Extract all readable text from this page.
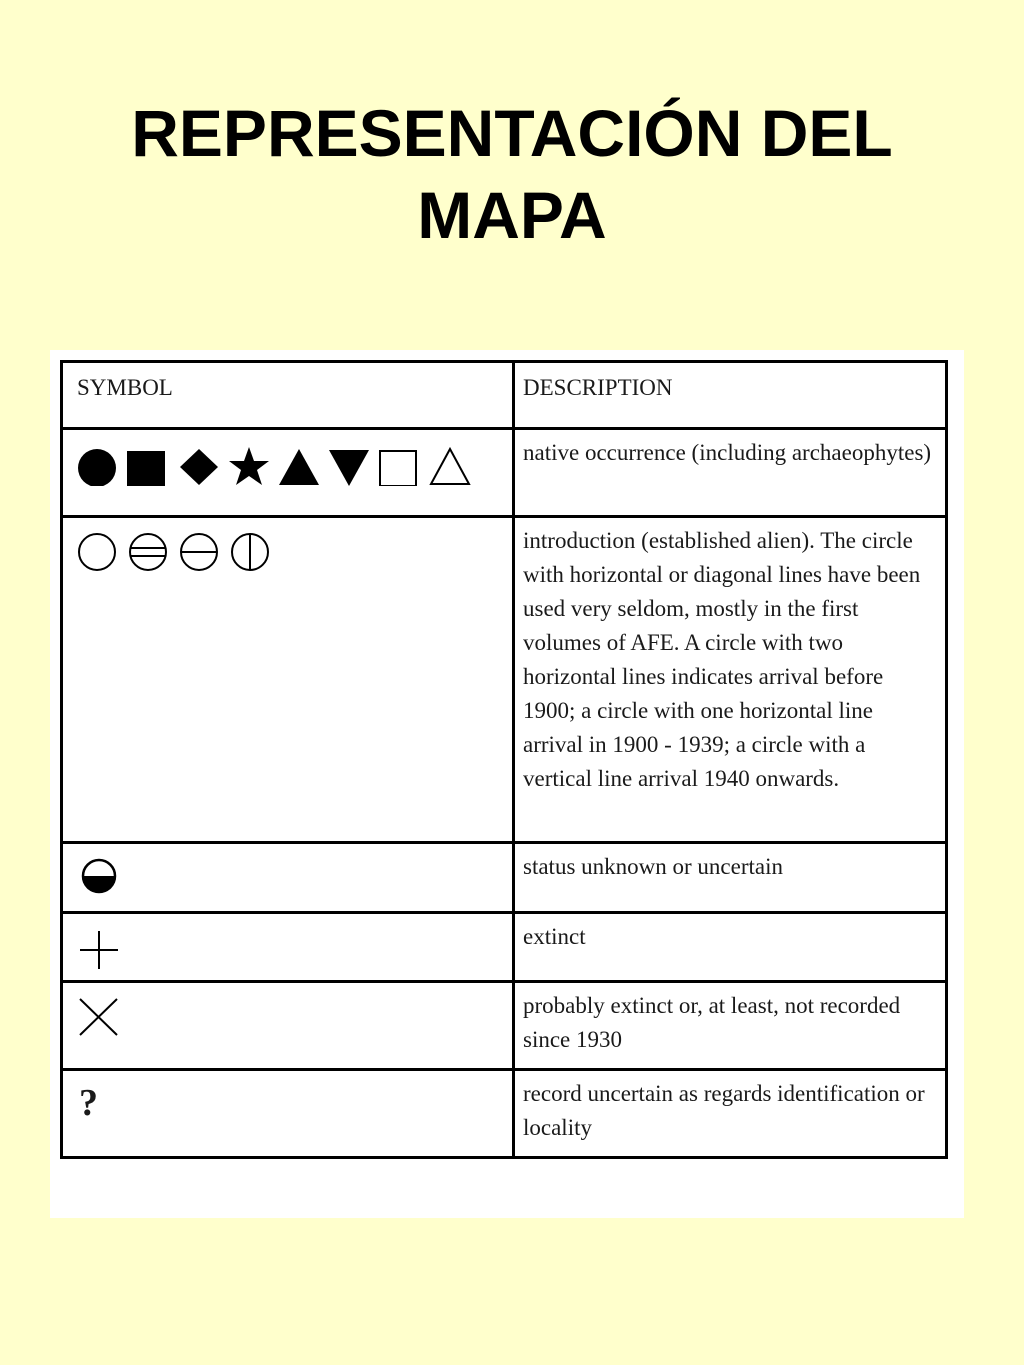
REPRESENTACIÓN DEL
MAPA
SYMBOL	DESCRIPTION

	native occurrence (including archaeophytes)

	introduction (established alien). The circle with horizontal or diagonal lines have been used very seldom, mostly in the first volumes of AFE. A circle with two horizontal lines indicates arrival before 1900; a circle with one horizontal line arrival in 1900 - 1939; a circle with a vertical line arrival 1940 onwards.
	status unknown or uncertain
	extinct
	probably extinct or, at least, not recorded since 1930

?	record uncertain as regards identification or locality
